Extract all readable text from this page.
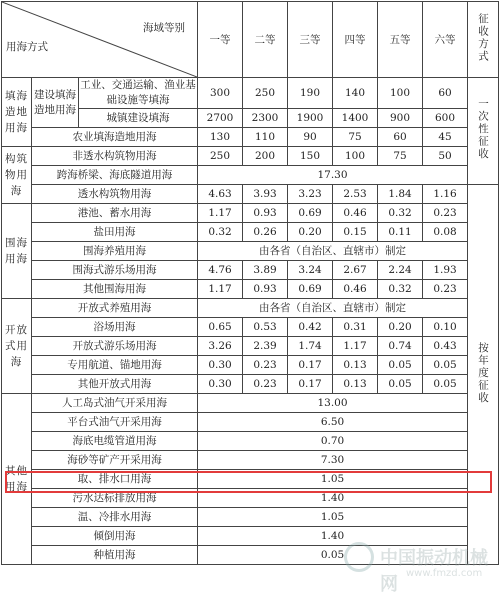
海域等别
用海方式			一等	二等	三等	四等	五等	六等	征收方式
填海造地用海	建设填海造地用海	工业、交通运输、渔业基础设施等填海	300	250	190	140	100	60	一次性征收
		城镇建设填海	2700	2300	1900	1400	900	600	
	农业填海造地用海		130	110	90	75	60	45	
构筑物用海	非透水构筑物用海		250	200	150	100	75	50	
	跨海桥梁、海底隧道用海		17.30						
	透水构筑物用海		4.63	3.93	3.23	2.53	1.84	1.16	按年度征收
围海用海	港池、蓄水用海		1.17	0.93	0.69	0.46	0.32	0.23	
	盐田用海		0.32	0.26	0.20	0.15	0.11	0.08	
	围海养殖用海		由各省（自治区、直辖市）制定						
	围海式游乐场用海		4.76	3.89	3.24	2.67	2.24	1.93	
	其他围海用海		1.17	0.93	0.69	0.46	0.32	0.23	
开放式用海	开放式养殖用海		由各省（自治区、直辖市）制定						
	浴场用海		0.65	0.53	0.42	0.31	0.20	0.10	
	开放式游乐场用海		3.26	2.39	1.74	1.17	0.74	0.43	
	专用航道、锚地用海		0.30	0.23	0.17	0.13	0.05	0.05	
	其他开放式用海		0.30	0.23	0.17	0.13	0.05	0.05	
其他用海	人工岛式油气开采用海		13.00						
	平台式油气开采用海		6.50						
	海底电缆管道用海		0.70						
	海砂等矿产开采用海		7.30						
	取、排水口用海		1.05						
	污水达标排放用海		1.40						
	温、冷排水用海		1.05						
	倾倒用海		1.40						
	种植用海		0.05						中国振动机械网
www.fmzd.com
